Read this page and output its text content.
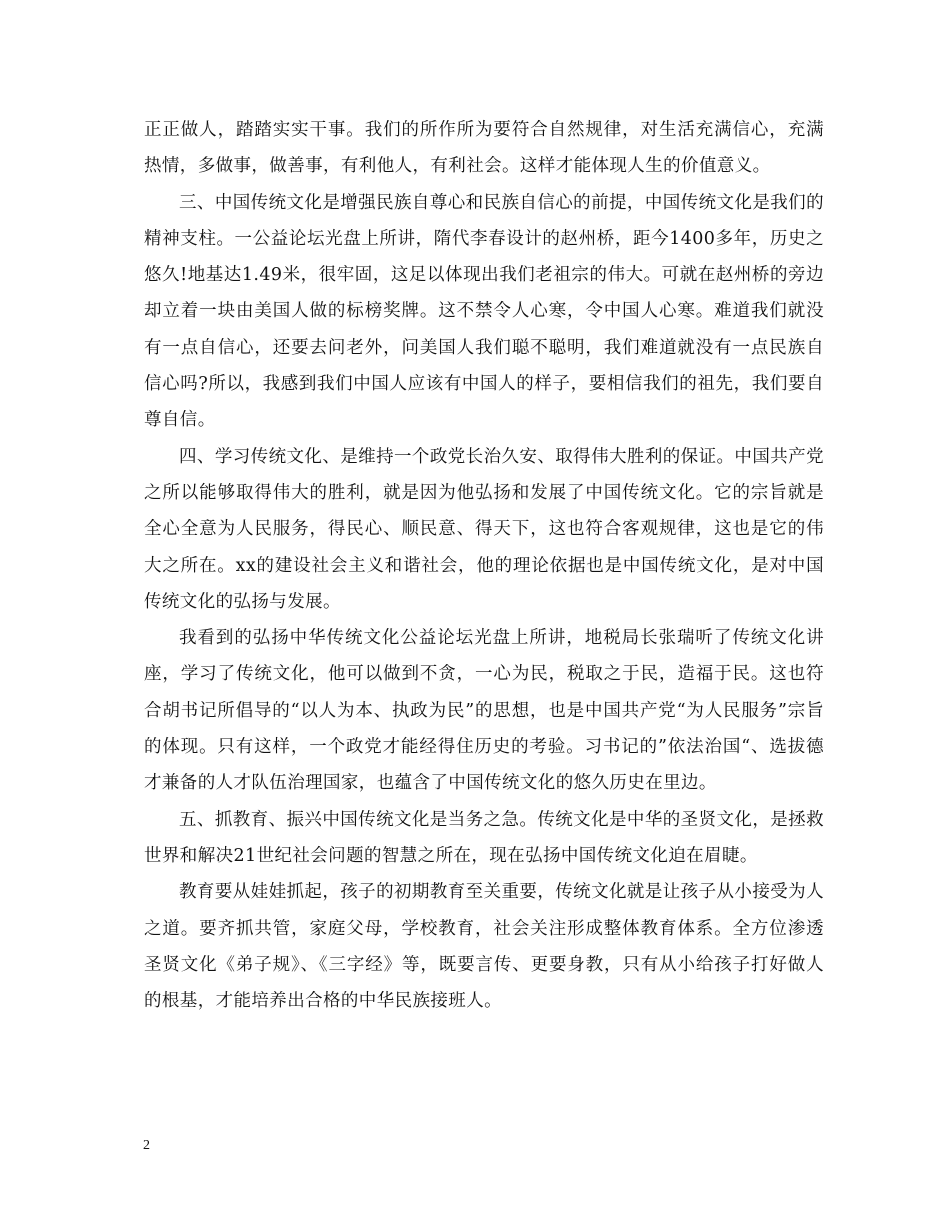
正正做人，踏踏实实干事。我们的所作所为要符合自然规律，对生活充满信心，充满热情，多做事，做善事，有利他人，有利社会。这样才能体现人生的价值意义。

三、中国传统文化是增强民族自尊心和民族自信心的前提，中国传统文化是我们的精神支柱。一公益论坛光盘上所讲，隋代李春设计的赵州桥，距今1400多年，历史之悠久!地基达1.49米，很牢固，这足以体现出我们老祖宗的伟大。可就在赵州桥的旁边却立着一块由美国人做的标榜奖牌。这不禁令人心寒，令中国人心寒。难道我们就没有一点自信心，还要去问老外，问美国人我们聪不聪明，我们难道就没有一点民族自信心吗?所以，我感到我们中国人应该有中国人的样子，要相信我们的祖先，我们要自尊自信。

四、学习传统文化、是维持一个政党长治久安、取得伟大胜利的保证。中国共产党之所以能够取得伟大的胜利，就是因为他弘扬和发展了中国传统文化。它的宗旨就是全心全意为人民服务，得民心、顺民意、得天下，这也符合客观规律，这也是它的伟大之所在。xx的建设社会主义和谐社会，他的理论依据也是中国传统文化，是对中国传统文化的弘扬与发展。

我看到的弘扬中华传统文化公益论坛光盘上所讲，地税局长张瑞听了传统文化讲座，学习了传统文化，他可以做到不贪，一心为民，税取之于民，造福于民。这也符合胡书记所倡导的“以人为本、执政为民”的思想，也是中国共产党“为人民服务”宗旨的体现。只有这样，一个政党才能经得住历史的考验。习书记的”依法治国“、选拔德才兼备的人才队伍治理国家，也蕴含了中国传统文化的悠久历史在里边。

五、抓教育、振兴中国传统文化是当务之急。传统文化是中华的圣贤文化，是拯救世界和解决21世纪社会问题的智慧之所在，现在弘扬中国传统文化迫在眉睫。

教育要从娃娃抓起，孩子的初期教育至关重要，传统文化就是让孩子从小接受为人之道。要齐抓共管，家庭父母，学校教育，社会关注形成整体教育体系。全方位渗透圣贤文化《弟子规》、《三字经》等，既要言传、更要身教，只有从小给孩子打好做人的根基，才能培养出合格的中华民族接班人。

2
